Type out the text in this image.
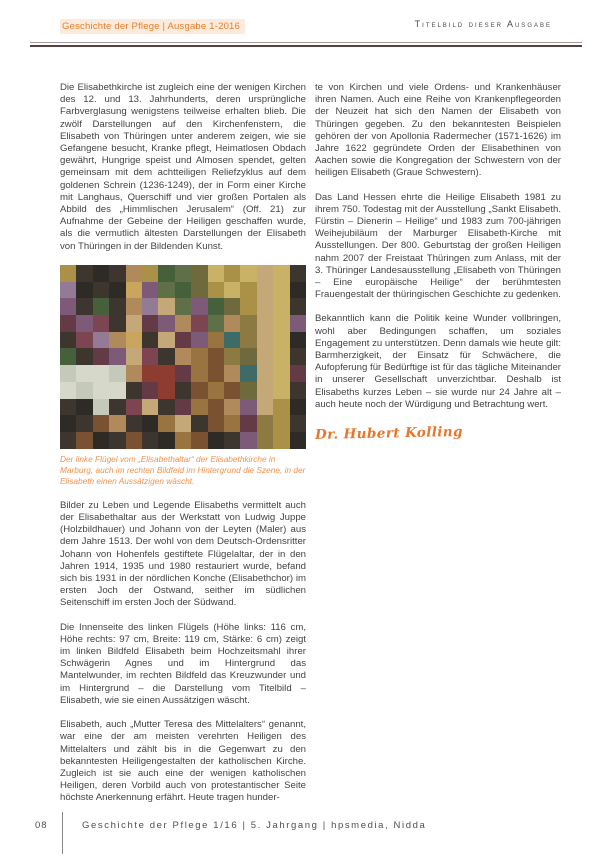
Geschichte der Pflege | Ausgabe 1-2016	Titelbild dieser Ausgabe

Die Elisabethkirche ist zugleich eine der wenigen Kirchen des 12. und 13. Jahrhunderts, deren ursprüngliche Farbverglasung wenigstens teilweise erhalten blieb. Die zwölf Darstellungen auf den Kirchenfenstern, die Elisabeth von Thüringen unter anderem zeigen, wie sie Gefangene besucht, Kranke pflegt, Heimatlosen Obdach gewährt, Hungrige speist und Almosen spendet, gelten gemeinsam mit dem achtteiligen Reliefzyklus auf dem goldenen Schrein (1236-1249), der in Form einer Kirche mit Langhaus, Querschiff und vier großen Portalen als Abbild des „Himmlischen Jerusalem“ (Off. 21) zur Aufnahme der Gebeine der Heiligen geschaffen wurde, als die vermutlich ältesten Darstellungen der Elisabeth von Thüringen in der Bildenden Kunst.

Der linke Flügel vom „Elisabethaltar“ der Elisabethkirche in Marburg, auch im rechten Bildfeld im Hintergrund die Szene, in der Elisabeth einen Aussätzigen wäscht.

Bilder zu Leben und Legende Elisabeths vermittelt auch der Elisabethaltar aus der Werkstatt von Ludwig Juppe (Holzbildhauer) und Johann von der Leyten (Maler) aus dem Jahre 1513. Der wohl von dem Deutsch-Ordensritter Johann von Hohenfels gestiftete Flügelaltar, der in den Jahren 1914, 1935 und 1980 restauriert wurde, befand sich bis 1931 in der nördlichen Konche (Elisabethchor) im ersten Joch der Ostwand, seither im südlichen Seitenschiff im ersten Joch der Südwand.

Die Innenseite des linken Flügels (Höhe links: 116 cm, Höhe rechts: 97 cm, Breite: 119 cm, Stärke: 6 cm) zeigt im linken Bildfeld Elisabeth beim Hochzeitsmahl ihrer Schwägerin Agnes und im Hintergrund das Mantelwunder, im rechten Bildfeld das Kreuzwunder und im Hintergrund – die Darstellung vom Titelbild – Elisabeth, wie sie einen Aussätzigen wäscht.

Elisabeth, auch „Mutter Teresa des Mittelalters“ genannt, war eine der am meisten verehrten Heiligen des Mittelalters und zählt bis in die Gegenwart zu den bekanntesten Heiligengestalten der katholischen Kirche. Zugleich ist sie auch eine der wenigen katholischen Heiligen, deren Vorbild auch von protestantischer Seite höchste Anerkennung erfährt. Heute tragen hunder-

te von Kirchen und viele Ordens- und Krankenhäuser ihren Namen. Auch eine Reihe von Krankenpflegeorden der Neuzeit hat sich den Namen der Elisabeth von Thüringen gegeben. Zu den bekanntesten Beispielen gehören der von Apollonia Radermecher (1571-1626) im Jahre 1622 gegründete Orden der Elisabethinen von Aachen sowie die Kongregation der Schwestern von der heiligen Elisabeth (Graue Schwestern).

Das Land Hessen ehrte die Heilige Elisabeth 1981 zu ihrem 750. Todestag mit der Ausstellung „Sankt Elisabeth. Fürstin – Dienerin – Heilige“ und 1983 zum 700-jährigen Weihejubiläum der Marburger Elisabeth-Kirche mit Ausstellungen. Der 800. Geburtstag der großen Heiligen nahm 2007 der Freistaat Thüringen zum Anlass, mit der 3. Thüringer Landesausstellung „Elisabeth von Thüringen – Eine europäische Heilige“ der berühmtesten Frauengestalt der thüringischen Geschichte zu gedenken.

Bekanntlich kann die Politik keine Wunder vollbringen, wohl aber Bedingungen schaffen, um soziales Engagement zu unterstützen. Denn damals wie heute gilt: Barmherzigkeit, der Einsatz für Schwächere, die Aufopferung für Bedürftige ist für das tägliche Miteinander in unserer Gesellschaft unverzichtbar. Deshalb ist Elisabeths kurzes Leben – sie wurde nur 24 Jahre alt – auch heute noch der Würdigung und Betrachtung wert.

Dr. Hubert Kolling
08	Geschichte der Pflege 1/16 | 5. Jahrgang | hpsmedia, Nidda
